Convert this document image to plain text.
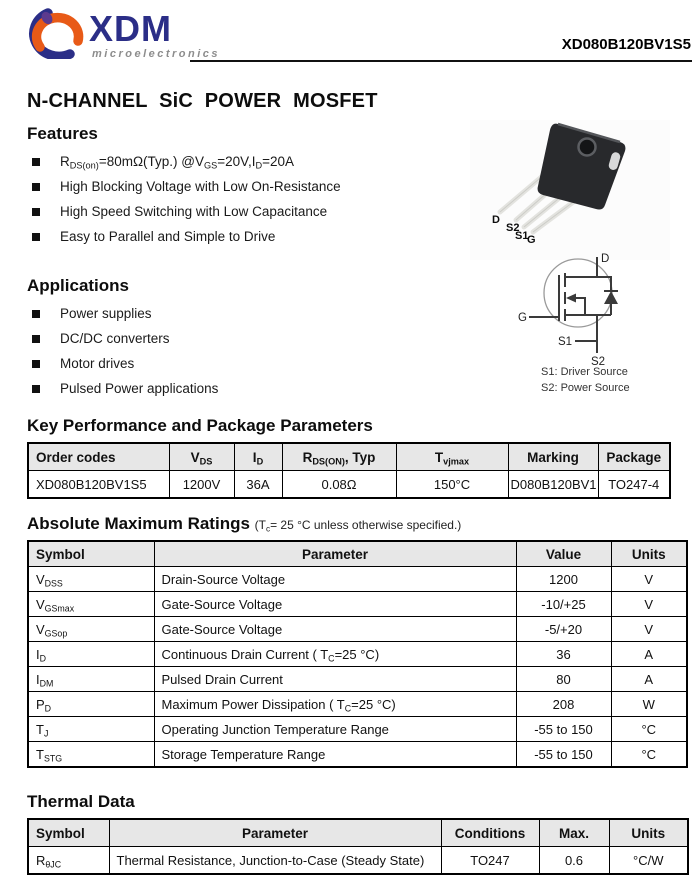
XDM
microelectronics
XD080B120BV1S5
N-CHANNEL SiC POWER MOSFET
Features
$R_{DS(on)}=80m\Omega(Typ.)$ $@V_{GS}=20V,I_D=20A$
High Blocking Voltage with Low On-Resistance
High Speed Switching with Low Capacitance
Easy to Parallel and Simple to Drive
Applications
Power supplies
DC/DC converters
Motor drives
Pulsed Power applications
D
S2
S1
G
D
G
S1
S2
S1: Driver Source
S2: Power Source
Key Performance and Package Parameters
Order codes	$V_{DS}$	$I_D$	$R_{DS(ON)}$, Typ	$T_{vjmax}$	Marking	Package
XD080B120BV1S5	1200V	36A	0.08Ω	150°C	D080B120BV1	TO247-4
Absolute Maximum Ratings ($T_c= 25$ °C unless otherwise specified.)
Symbol	Parameter	Value	Units
$V_{DSS}$	Drain-Source Voltage	1200	V
$V_{GSmax}$	Gate-Source Voltage	-10/+25	V
$V_{GSop}$	Gate-Source Voltage	-5/+20	V
$I_D$	Continuous Drain Current ( $T_C=25$ °C)	36	A
$I_{DM}$	Pulsed Drain Current	80	A
$P_D$	Maximum Power Dissipation ( $T_C=25$ °C)	208	W
$T_J$	Operating Junction Temperature Range	-55 to 150	°C
$T_{STG}$	Storage Temperature Range	-55 to 150	°C
Thermal Data
Symbol	Parameter	Conditions	Max.	Units
$R_{\theta JC}$	Thermal Resistance, Junction-to-Case (Steady State)	TO247	0.6	°C/W
